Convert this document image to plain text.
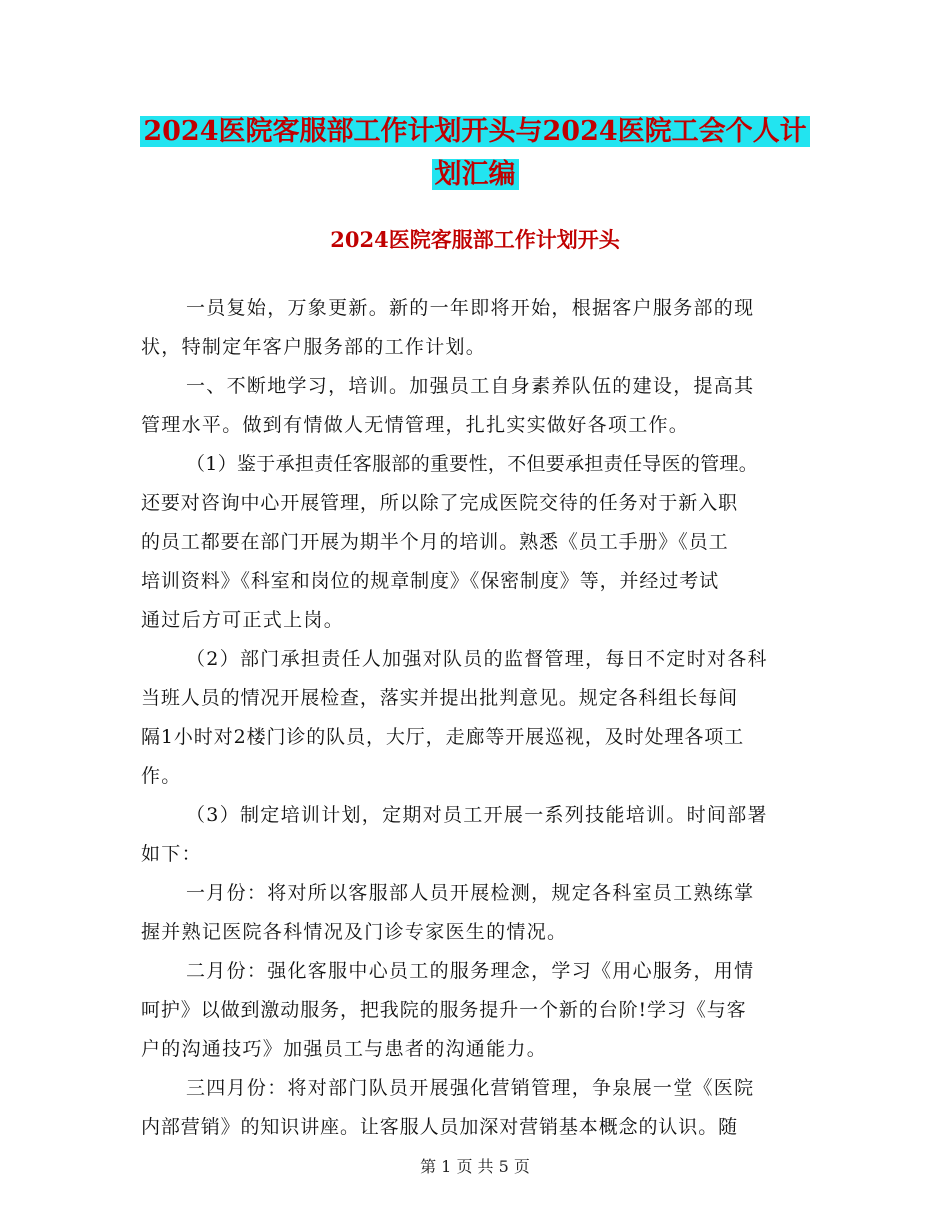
2024医院客服部工作计划开头与2024医院工会个人计
划汇编
2024医院客服部工作计划开头
一员复始，万象更新。新的一年即将开始，根据客户服务部的现
状，特制定年客户服务部的工作计划。
一、不断地学习，培训。加强员工自身素养队伍的建设，提高其
管理水平。做到有情做人无情管理，扎扎实实做好各项工作。
（1）鉴于承担责任客服部的重要性，不但要承担责任导医的管理。
还要对咨询中心开展管理，所以除了完成医院交待的任务对于新入职
的员工都要在部门开展为期半个月的培训。熟悉《员工手册》《员工
培训资料》《科室和岗位的规章制度》《保密制度》等，并经过考试
通过后方可正式上岗。
（2）部门承担责任人加强对队员的监督管理，每日不定时对各科
当班人员的情况开展检查，落实并提出批判意见。规定各科组长每间
隔1小时对2楼门诊的队员，大厅，走廊等开展巡视，及时处理各项工
作。
（3）制定培训计划，定期对员工开展一系列技能培训。时间部署
如下：
一月份：将对所以客服部人员开展检测，规定各科室员工熟练掌
握并熟记医院各科情况及门诊专家医生的情况。
二月份：强化客服中心员工的服务理念，学习《用心服务，用情
呵护》以做到激动服务，把我院的服务提升一个新的台阶!学习《与客
户的沟通技巧》加强员工与患者的沟通能力。
三四月份：将对部门队员开展强化营销管理，争泉展一堂《医院
内部营销》的知识讲座。让客服人员加深对营销基本概念的认识。随
第 1 页 共 5 页
